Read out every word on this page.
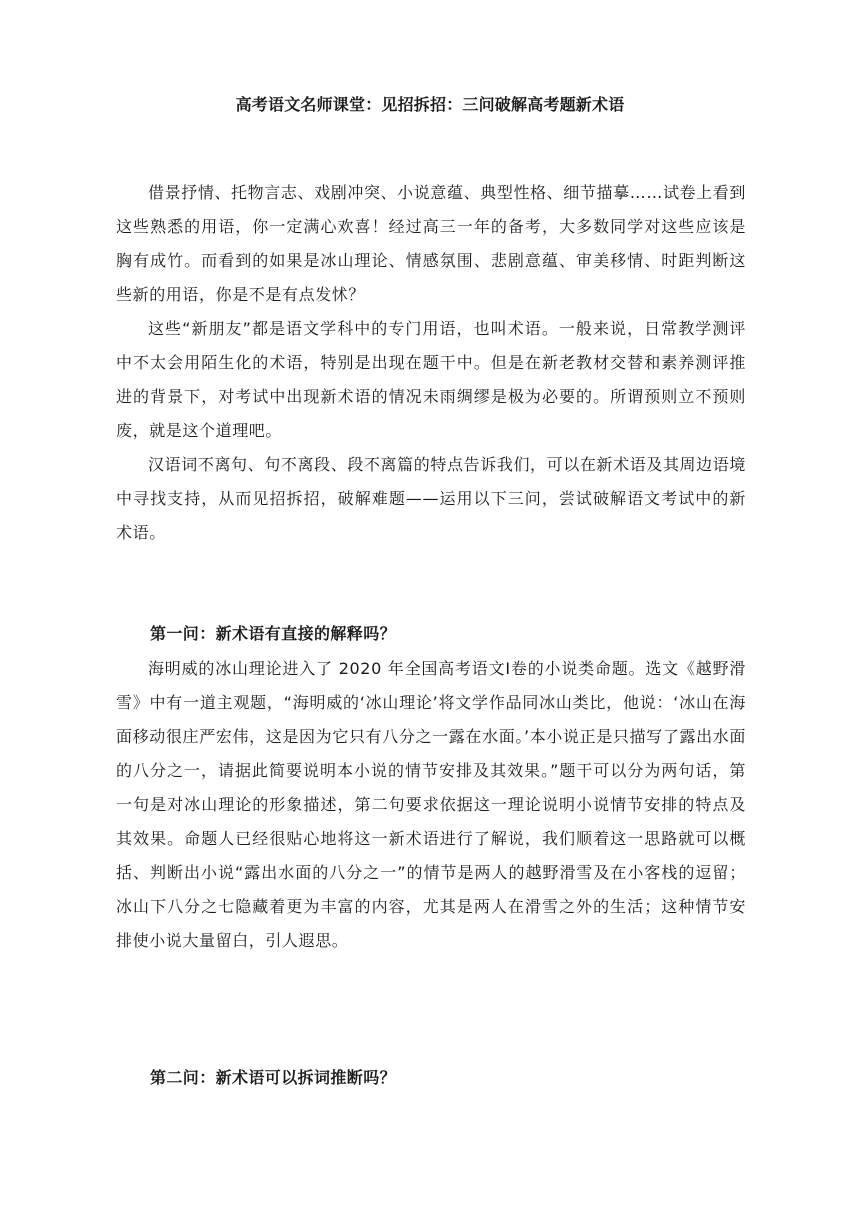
高考语文名师课堂：见招拆招：三问破解高考题新术语

借景抒情、托物言志、戏剧冲突、小说意蕴、典型性格、细节描摹……试卷上看到这些熟悉的用语，你一定满心欢喜！经过高三一年的备考，大多数同学对这些应该是胸有成竹。而看到的如果是冰山理论、情感氛围、悲剧意蕴、审美移情、时距判断这些新的用语，你是不是有点发怵？

这些“新朋友”都是语文学科中的专门用语，也叫术语。一般来说，日常教学测评中不太会用陌生化的术语，特别是出现在题干中。但是在新老教材交替和素养测评推进的背景下，对考试中出现新术语的情况未雨绸缪是极为必要的。所谓预则立不预则废，就是这个道理吧。

汉语词不离句、句不离段、段不离篇的特点告诉我们，可以在新术语及其周边语境中寻找支持，从而见招拆招，破解难题——运用以下三问，尝试破解语文考试中的新术语。

第一问：新术语有直接的解释吗？

海明威的冰山理论进入了 2020 年全国高考语文Ⅰ卷的小说类命题。选文《越野滑雪》中有一道主观题，“海明威的‘冰山理论’将文学作品同冰山类比，他说：‘冰山在海面移动很庄严宏伟，这是因为它只有八分之一露在水面。’本小说正是只描写了露出水面的八分之一，请据此简要说明本小说的情节安排及其效果。”题干可以分为两句话，第一句是对冰山理论的形象描述，第二句要求依据这一理论说明小说情节安排的特点及其效果。命题人已经很贴心地将这一新术语进行了解说，我们顺着这一思路就可以概括、判断出小说“露出水面的八分之一”的情节是两人的越野滑雪及在小客栈的逗留；冰山下八分之七隐藏着更为丰富的内容，尤其是两人在滑雪之外的生活；这种情节安排使小说大量留白，引人遐思。

第二问：新术语可以拆词推断吗？
